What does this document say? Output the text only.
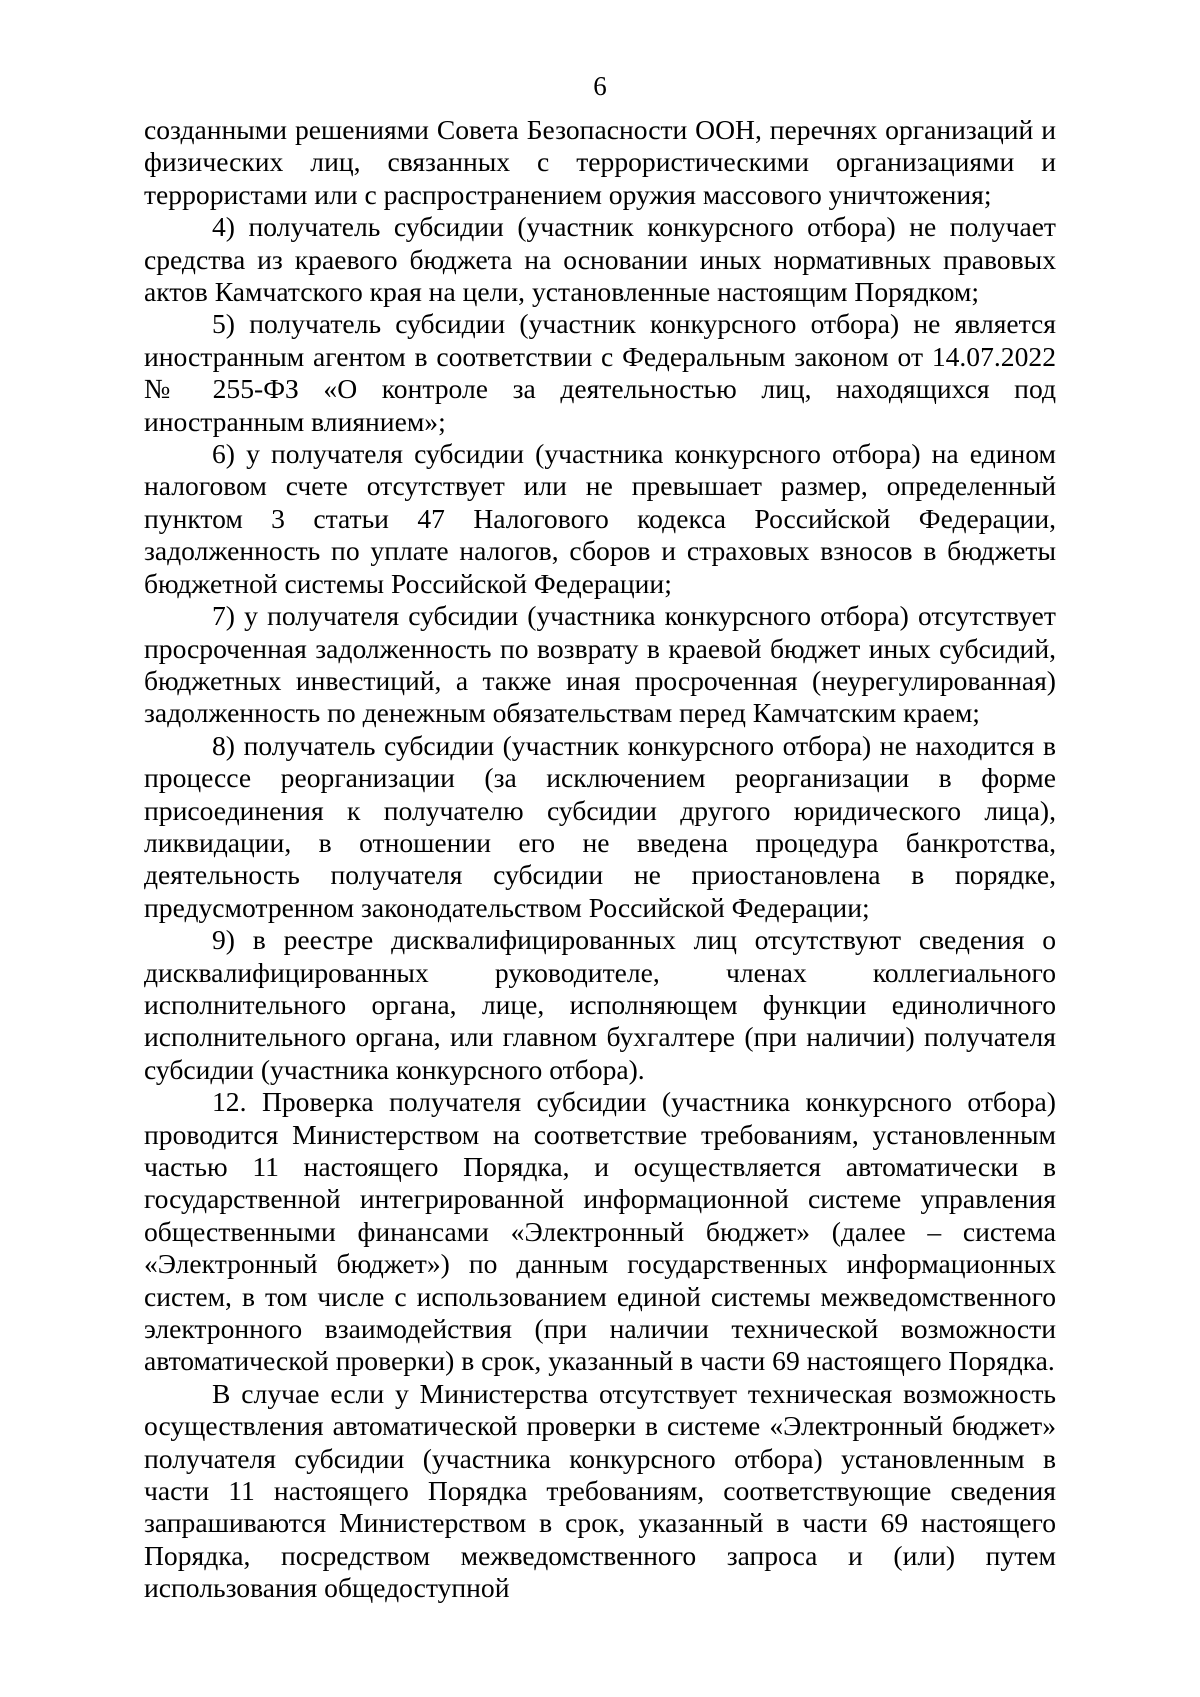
6

созданными решениями Совета Безопасности ООН, перечнях организаций и физических лиц, связанных с террористическими организациями и террористами или с распространением оружия массового уничтожения;

4) получатель субсидии (участник конкурсного отбора) не получает средства из краевого бюджета на основании иных нормативных правовых актов Камчатского края на цели, установленные настоящим Порядком;

5) получатель субсидии (участник конкурсного отбора) не является иностранным агентом в соответствии с Федеральным законом от 14.07.2022 № 255-ФЗ «О контроле за деятельностью лиц, находящихся под иностранным влиянием»;

6) у получателя субсидии (участника конкурсного отбора) на едином налоговом счете отсутствует или не превышает размер, определенный пунктом 3 статьи 47 Налогового кодекса Российской Федерации, задолженность по уплате налогов, сборов и страховых взносов в бюджеты бюджетной системы Российской Федерации;

7) у получателя субсидии (участника конкурсного отбора) отсутствует просроченная задолженность по возврату в краевой бюджет иных субсидий, бюджетных инвестиций, а также иная просроченная (неурегулированная) задолженность по денежным обязательствам перед Камчатским краем;

8) получатель субсидии (участник конкурсного отбора) не находится в процессе реорганизации (за исключением реорганизации в форме присоединения к получателю субсидии другого юридического лица), ликвидации, в отношении его не введена процедура банкротства, деятельность получателя субсидии не приостановлена в порядке, предусмотренном законодательством Российской Федерации;

9) в реестре дисквалифицированных лиц отсутствуют сведения о дисквалифицированных руководителе, членах коллегиального исполнительного органа, лице, исполняющем функции единоличного исполнительного органа, или главном бухгалтере (при наличии) получателя субсидии (участника конкурсного отбора).

12. Проверка получателя субсидии (участника конкурсного отбора) проводится Министерством на соответствие требованиям, установленным частью 11 настоящего Порядка, и осуществляется автоматически в государственной интегрированной информационной системе управления общественными финансами «Электронный бюджет» (далее – система «Электронный бюджет») по данным государственных информационных систем, в том числе с использованием единой системы межведомственного электронного взаимодействия (при наличии технической возможности автоматической проверки) в срок, указанный в части 69 настоящего Порядка.

В случае если у Министерства отсутствует техническая возможность осуществления автоматической проверки в системе «Электронный бюджет» получателя субсидии (участника конкурсного отбора) установленным в части 11 настоящего Порядка требованиям, соответствующие сведения запрашиваются Министерством в срок, указанный в части 69 настоящего Порядка, посредством межведомственного запроса и (или) путем использования общедоступной
